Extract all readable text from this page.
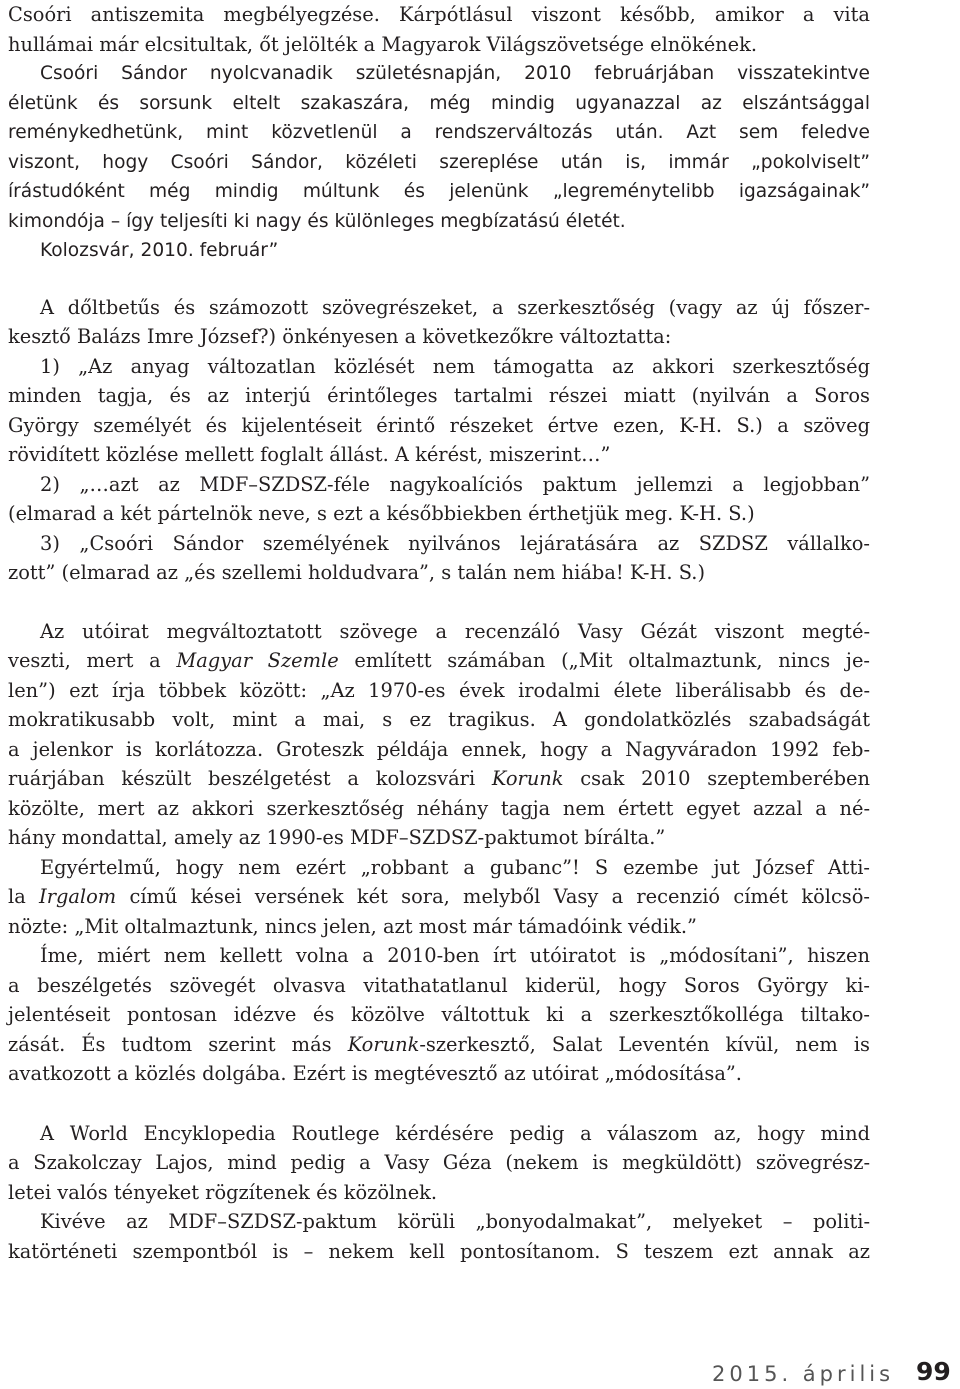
Csoóri antiszemita megbélyegzése. Kárpótlásul viszont később, amikor a vita
hullámai már elcsitultak, őt jelölték a Magyarok Világszövetsége elnökének.

Csoóri Sándor nyolcvanadik születésnapján, 2010 februárjában visszatekintve
életünk és sorsunk eltelt szakaszára, még mindig ugyanazzal az elszántsággal
reménykedhetünk, mint közvetlenül a rendszerváltozás után. Azt sem feledve
viszont, hogy Csoóri Sándor, közéleti szereplése után is, immár „pokolviselt”
írástudóként még mindig múltunk és jelenünk „legreménytelibb igazságainak”
kimondója – így teljesíti ki nagy és különleges megbízatású életét.
Kolozsvár, 2010. február”

A dőltbetűs és számozott szövegrészeket, a szerkesztőség (vagy az új főszer-
kesztő Balázs Imre József?) önkényesen a következőkre változtatta:

1) „Az anyag változatlan közlését nem támogatta az akkori szerkesztőség
minden tagja, és az interjú érintőleges tartalmi részei miatt (nyilván a Soros
György személyét és kijelentéseit érintő részeket értve ezen, K-H. S.) a szöveg
rövidített közlése mellett foglalt állást. A kérést, miszerint…”

2) „…azt az MDF–SZDSZ-féle nagykoalíciós paktum jellemzi a legjobban”
(elmarad a két pártelnök neve, s ezt a későbbiekben érthetjük meg. K-H. S.)

3) „Csoóri Sándor személyének nyilvános lejáratására az SZDSZ vállalko-
zott” (elmarad az „és szellemi holdudvara”, s talán nem hiába! K-H. S.)

Az utóirat megváltoztatott szövege a recenzáló Vasy Gézát viszont megté-
veszti, mert a Magyar Szemle említett számában („Mit oltalmaztunk, nincs je-
len”) ezt írja többek között: „Az 1970-es évek irodalmi élete liberálisabb és de-
mokratikusabb volt, mint a mai, s ez tragikus. A gondolatközlés szabadságát
a jelenkor is korlátozza. Groteszk példája ennek, hogy a Nagyváradon 1992 feb-
ruárjában készült beszélgetést a kolozsvári Korunk csak 2010 szeptemberében
közölte, mert az akkori szerkesztőség néhány tagja nem értett egyet azzal a né-
hány mondattal, amely az 1990-es MDF–SZDSZ-paktumot bírálta.”

Egyértelmű, hogy nem ezért „robbant a gubanc”! S ezembe jut József Atti-
la Irgalom című kései versének két sora, melyből Vasy a recenzió címét kölcsö-
nözte: „Mit oltalmaztunk, nincs jelen, azt most már támadóink védik.”

Íme, miért nem kellett volna a 2010-ben írt utóiratot is „módosítani”, hiszen
a beszélgetés szövegét olvasva vitathatatlanul kiderül, hogy Soros György ki-
jelentéseit pontosan idézve és közölve váltottuk ki a szerkesztőkolléga tiltako-
zását. És tudtom szerint más Korunk-szerkesztő, Salat Leventén kívül, nem is
avatkozott a közlés dolgába. Ezért is megtévesztő az utóirat „módosítása”.

A World Encyklopedia Routlege kérdésére pedig a válaszom az, hogy mind
a Szakolczay Lajos, mind pedig a Vasy Géza (nekem is megküldött) szövegrész-
letei valós tényeket rögzítenek és közölnek.

Kivéve az MDF–SZDSZ-paktum körüli „bonyodalmakat”, melyeket – politi-
katörténeti szempontból is – nekem kell pontosítanom. S teszem ezt annak az

2015. április 99
